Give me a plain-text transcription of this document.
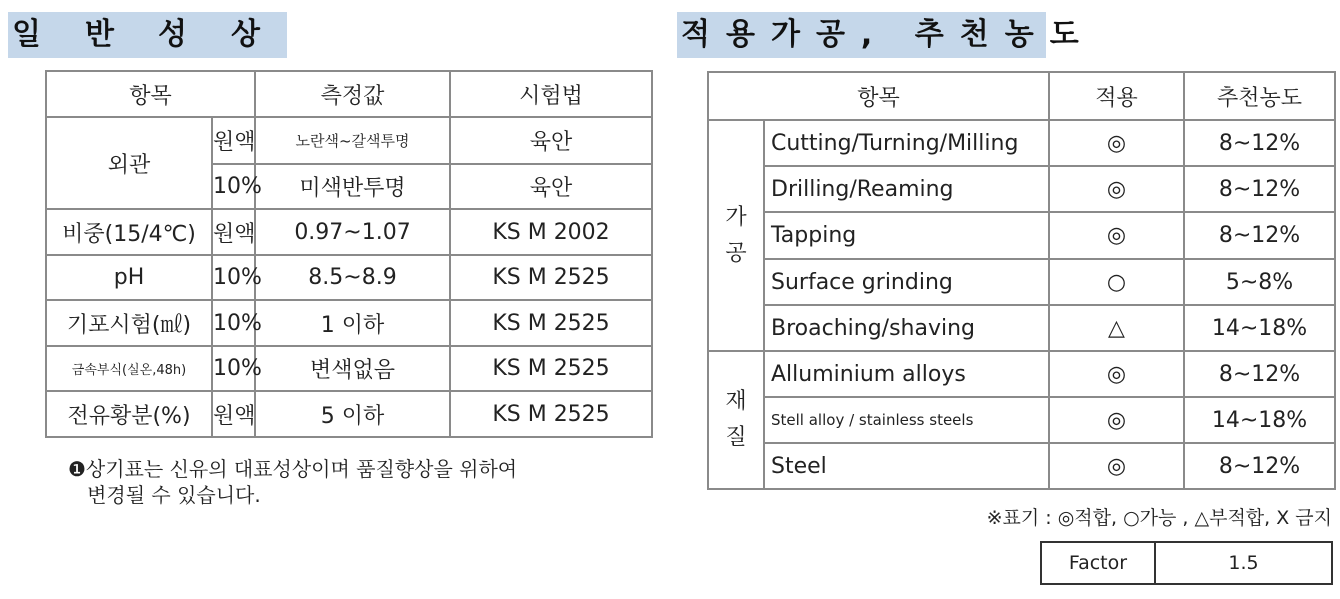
일반성상	적용가공, 추천농도
항목		측정값	시험법
외관	원액	노란색~갈색투명	육안
	10%	미색반투명	육안
비중(15/4℃)	원액	0.97~1.07	KS M 2002
pH	10%	8.5~8.9	KS M 2525
기포시험(㎖)	10%	1 이하	KS M 2525
금속부식(실온,48h)	10%	변색없음	KS M 2525
전유황분(%)	원액	5 이하	KS M 2525
❶상기표는 신유의 대표성상이며 품질향상을 위하여
변경될 수 있습니다.
항목		적용	추천농도
가공	Cutting/Turning/Milling	◎	8~12%
	Drilling/Reaming	◎	8~12%
	Tapping	◎	8~12%
	Surface grinding	○	5~8%
	Broaching/shaving	△	14~18%
재질	Alluminium alloys	◎	8~12%
	Stell alloy / stainless steels	◎	14~18%
	Steel	◎	8~12%
※표기 : ◎적합, ○가능 , △부적합, X 금지
Factor	1.5
